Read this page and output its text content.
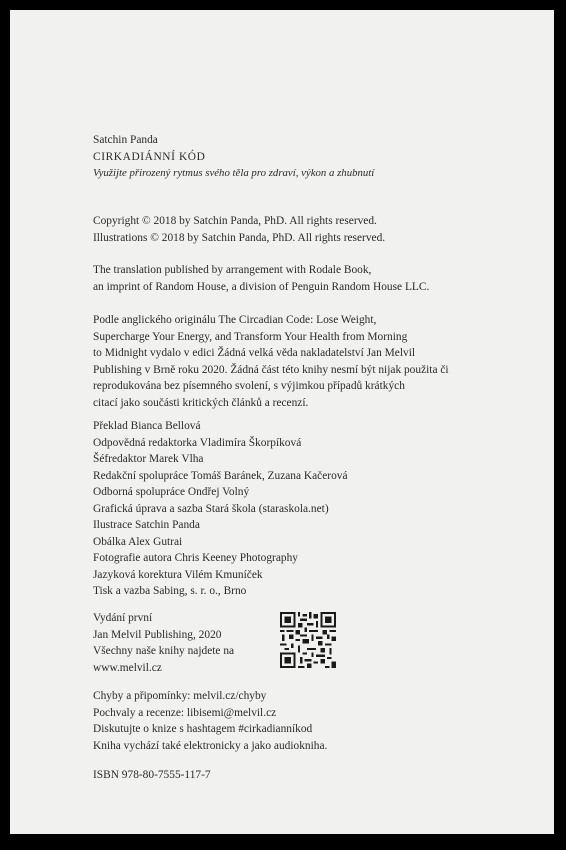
Satchin Panda
CIRKADIÁNNÍ KÓD
Využijte přirozený rytmus svého těla pro zdraví, výkon a zhubnutí
Copyright © 2018 by Satchin Panda, PhD. All rights reserved.
Illustrations © 2018 by Satchin Panda, PhD. All rights reserved.
The translation published by arrangement with Rodale Book,
an imprint of Random House, a division of Penguin Random House LLC.
Podle anglického originálu The Circadian Code: Lose Weight,
Supercharge Your Energy, and Transform Your Health from Morning
to Midnight vydalo v edici Žádná velká věda nakladatelství Jan Melvil
Publishing v Brně roku 2020. Žádná část této knihy nesmí být nijak použita či
reprodukována bez písemného svolení, s výjimkou případů krátkých
citací jako součásti kritických článků a recenzí.
Překlad Bianca Bellová
Odpovědná redaktorka Vladimíra Škorpíková
Šéfredaktor Marek Vlha
Redakční spolupráce Tomáš Baránek, Zuzana Kačerová
Odborná spolupráce Ondřej Volný
Grafická úprava a sazba Stará škola (staraskola.net)
Ilustrace Satchin Panda
Obálka Alex Gutrai
Fotografie autora Chris Keeney Photography
Jazyková korektura Vilém Kmuníček
Tisk a vazba Sabing, s. r. o., Brno
Vydání první
Jan Melvil Publishing, 2020
Všechny naše knihy najdete na
www.melvil.cz
Chyby a připomínky: melvil.cz/chyby
Pochvaly a recenze: libisemi@melvil.cz
Diskutujte o knize s hashtagem #cirkadianníkod
Kniha vychází také elektronicky a jako audiokniha.
ISBN 978-80-7555-117-7
